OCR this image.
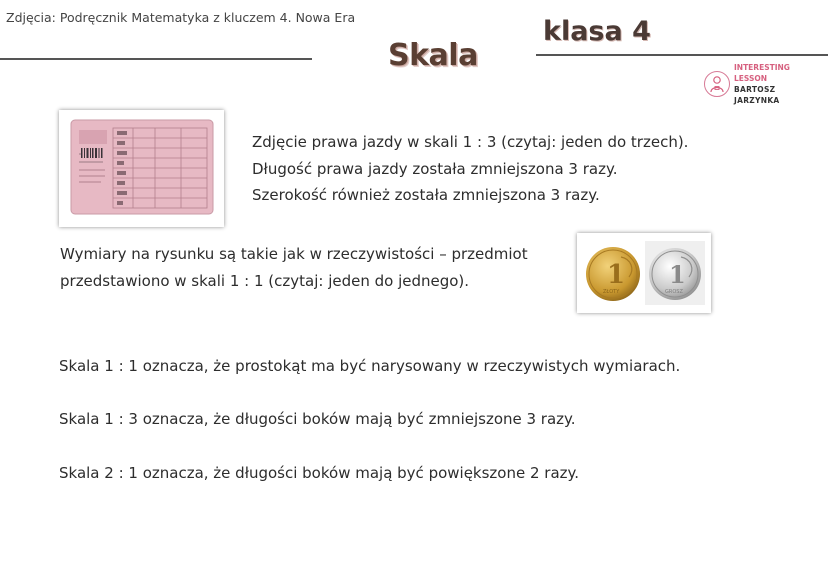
Zdjęcia: Podręcznik Matematyka z kluczem 4. Nowa Era
Skala
klasa 4
INTERESTING LESSON
BARTOSZ JARZYNKA
Zdjęcie prawa jazdy w skali 1 : 3 (czytaj: jeden do trzech).
Długość prawa jazdy została zmniejszona 3 razy.
Szerokość również została zmniejszona 3 razy.
Wymiary na rysunku są takie jak w rzeczywistości – przedmiot
przedstawiono w skali 1 : 1 (czytaj: jeden do jednego).	1
ZŁOTY
1
GROSZ
Skala 1 : 1 oznacza, że prostokąt ma być narysowany w rzeczywistych wymiarach.
Skala 1 : 3 oznacza, że długości boków mają być zmniejszone 3 razy.
Skala 2 : 1 oznacza, że długości boków mają być powiększone 2 razy.
